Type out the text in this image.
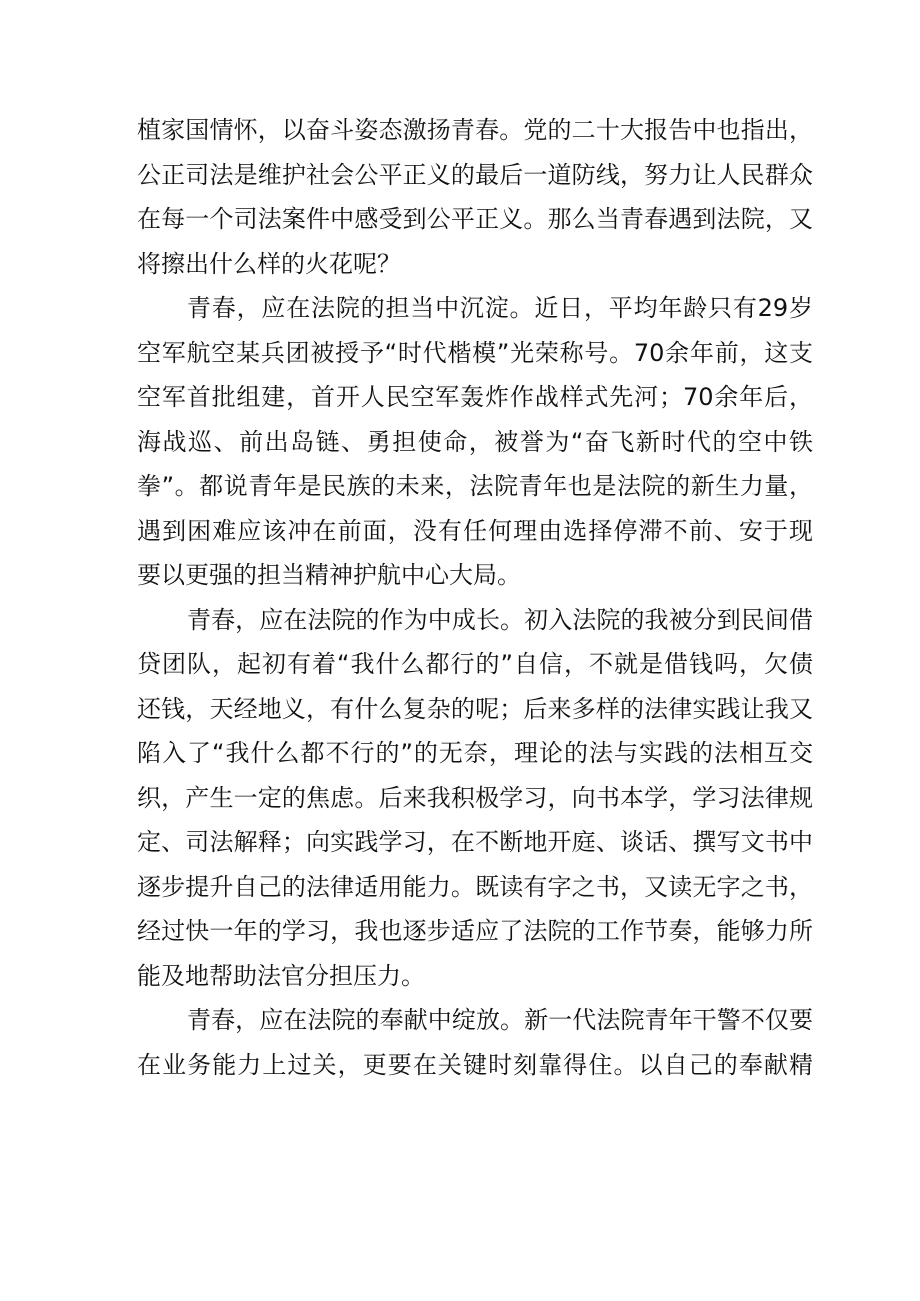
植家国情怀，以奋斗姿态激扬青春。党的二十大报告中也指出，
公正司法是维护社会公平正义的最后一道防线，努力让人民群众
在每一个司法案件中感受到公平正义。那么当青春遇到法院，又
将擦出什么样的火花呢？
青春，应在法院的担当中沉淀。近日，平均年龄只有29岁
空军航空某兵团被授予“时代楷模”光荣称号。70余年前，这支
空军首批组建，首开人民空军轰炸作战样式先河；70余年后，
海战巡、前出岛链、勇担使命，被誉为“奋飞新时代的空中铁
拳”。都说青年是民族的未来，法院青年也是法院的新生力量，
遇到困难应该冲在前面，没有任何理由选择停滞不前、安于现
要以更强的担当精神护航中心大局。
青春，应在法院的作为中成长。初入法院的我被分到民间借
贷团队，起初有着“我什么都行的”自信，不就是借钱吗，欠债
还钱，天经地义，有什么复杂的呢；后来多样的法律实践让我又
陷入了“我什么都不行的”的无奈，理论的法与实践的法相互交
织，产生一定的焦虑。后来我积极学习，向书本学，学习法律规
定、司法解释；向实践学习，在不断地开庭、谈话、撰写文书中
逐步提升自己的法律适用能力。既读有字之书，又读无字之书，
经过快一年的学习，我也逐步适应了法院的工作节奏，能够力所
能及地帮助法官分担压力。
青春，应在法院的奉献中绽放。新一代法院青年干警不仅要
在业务能力上过关，更要在关键时刻靠得住。以自己的奉献精
